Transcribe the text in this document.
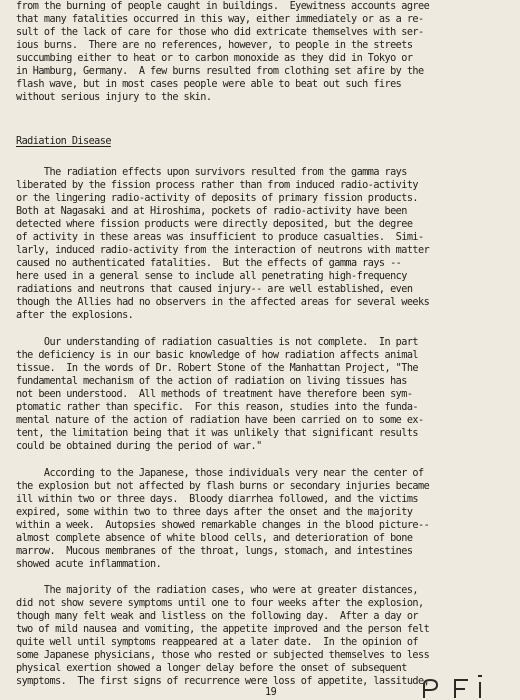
from the burning of people caught in buildings.  Eyewitness accounts agree
that many fatalities occurred in this way, either immediately or as a re-
sult of the lack of care for those who did extricate themselves with ser-
ious burns.  There are no references, however, to people in the streets
succumbing either to heat or to carbon monoxide as they did in Tokyo or
in Hamburg, Germany.  A few burns resulted from clothing set afire by the
flash wave, but in most cases people were able to beat out such fires
without serious injury to the skin.
Radiation Disease
The radiation effects upon survivors resulted from the gamma rays
liberated by the fission process rather than from induced radio-activity
or the lingering radio-activity of deposits of primary fission products.
Both at Nagasaki and at Hiroshima, pockets of radio-activity have been
detected where fission products were directly deposited, but the degree
of activity in these areas was insufficient to produce casualties.  Simi-
larly, induced radio-activity from the interaction of neutrons with matter
caused no authenticated fatalities.  But the effects of gamma rays --
here used in a general sense to include all penetrating high-frequency
radiations and neutrons that caused injury-- are well established, even
though the Allies had no observers in the affected areas for several weeks
after the explosions.
Our understanding of radiation casualties is not complete.  In part
the deficiency is in our basic knowledge of how radiation affects animal
tissue.  In the words of Dr. Robert Stone of the Manhattan Project, "The
fundamental mechanism of the action of radiation on living tissues has
not been understood.  All methods of treatment have therefore been sym-
ptomatic rather than specific.  For this reason, studies into the funda-
mental nature of the action of radiation have been carried on to some ex-
tent, the limitation being that it was unlikely that significant results
could be obtained during the period of war."
According to the Japanese, those individuals very near the center of
the explosion but not affected by flash burns or secondary injuries became
ill within two or three days.  Bloody diarrhea followed, and the victims
expired, some within two to three days after the onset and the majority
within a week.  Autopsies showed remarkable changes in the blood picture--
almost complete absence of white blood cells, and deterioration of bone
marrow.  Mucous membranes of the throat, lungs, stomach, and intestines
showed acute inflammation.
The majority of the radiation cases, who were at greater distances,
did not show severe symptoms until one to four weeks after the explosion,
though many felt weak and listless on the following day.  After a day or
two of mild nausea and vomiting, the appetite improved and the person felt
quite well until symptoms reappeared at a later date.  In the opinion of
some Japanese physicians, those who rested or subjected themselves to less
physical exertion showed a longer delay before the onset of subsequent
symptoms.  The first signs of recurrence were loss of appetite, lassitude,
19
